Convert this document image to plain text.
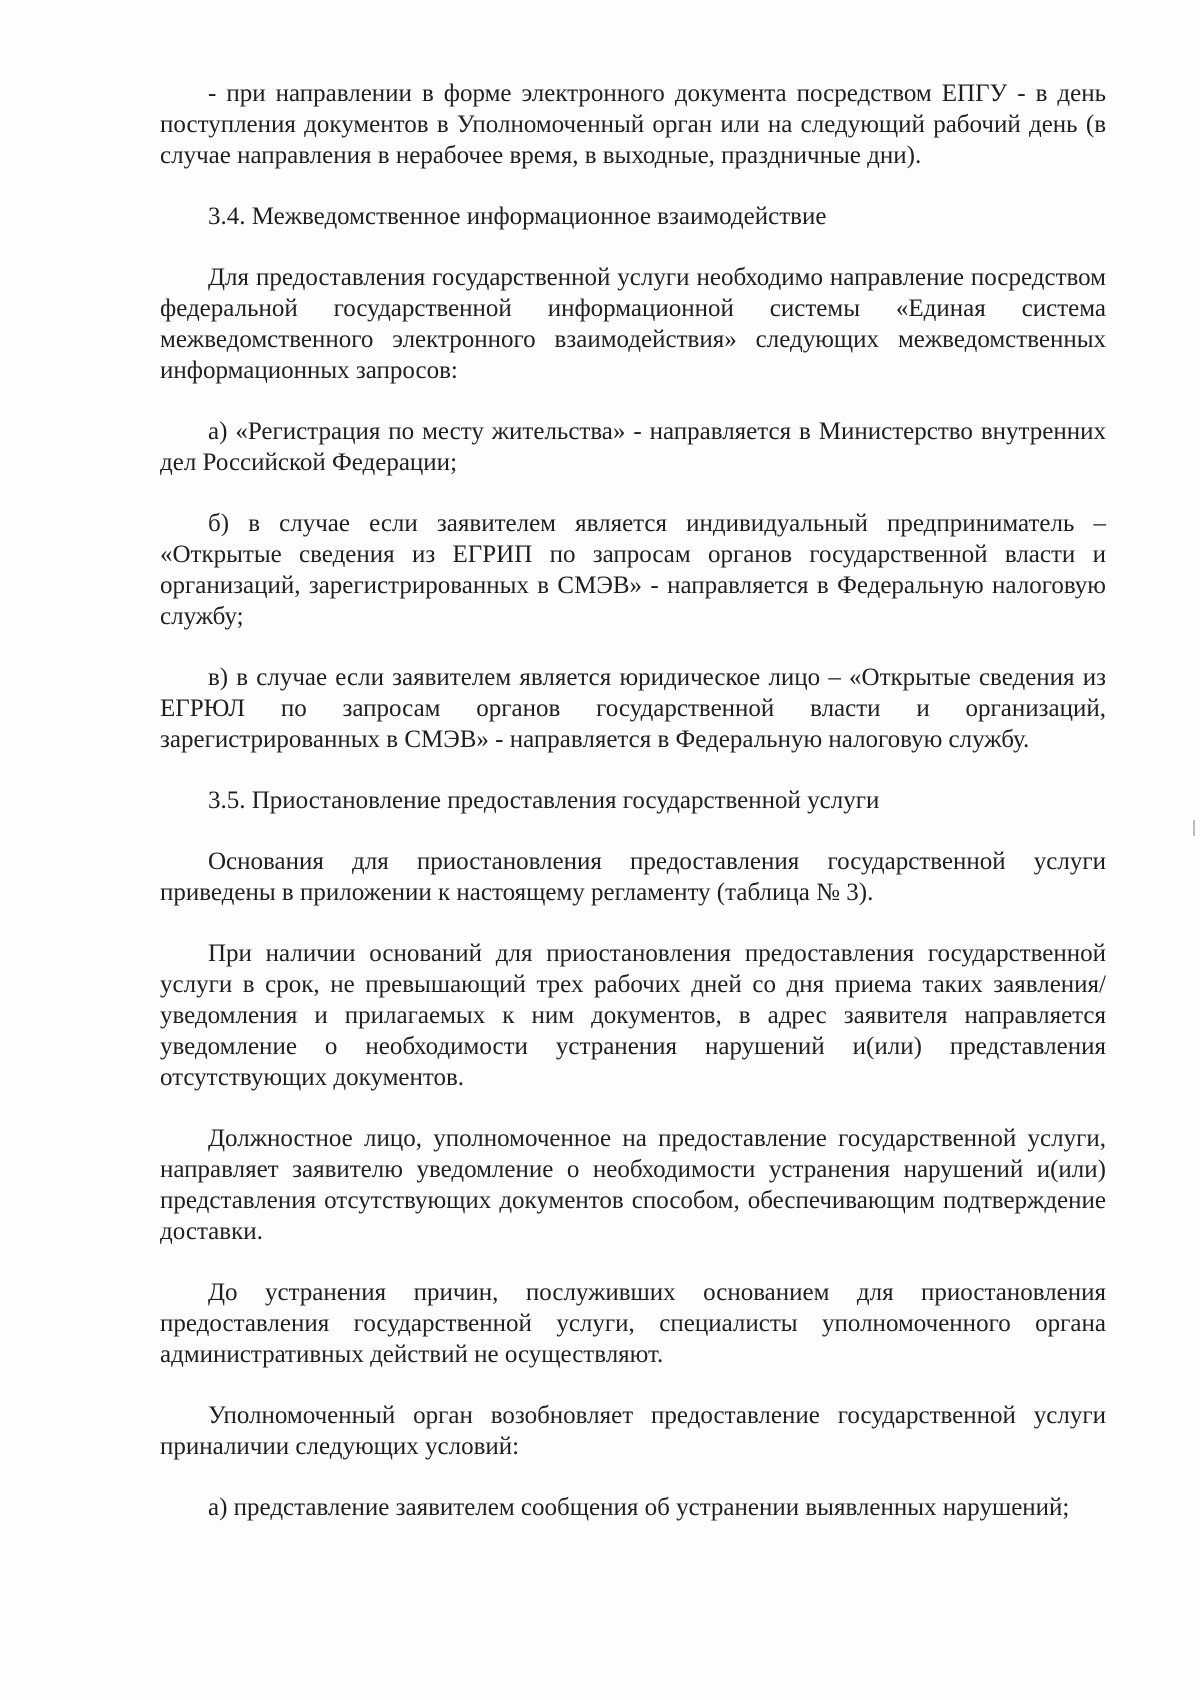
- при направлении в форме электронного документа посредством ЕПГУ - в день поступления документов в Уполномоченный орган или на следующий рабочий день (в случае направления в нерабочее время, в выходные, праздничные дни).

3.4. Межведомственное информационное взаимодействие

Для предоставления государственной услуги необходимо направление посредством федеральной государственной информационной системы «Единая система межведомственного электронного взаимодействия» следующих межведомственных информационных запросов:

а) «Регистрация по месту жительства» - направляется в Министерство внутренних дел Российской Федерации;

б) в случае если заявителем является индивидуальный предприниматель – «Открытые сведения из ЕГРИП по запросам органов государственной власти и организаций, зарегистрированных в СМЭВ» - направляется в Федеральную налоговую службу;

в) в случае если заявителем является юридическое лицо – «Открытые сведения из ЕГРЮЛ по запросам органов государственной власти и организаций, зарегистрированных в СМЭВ» - направляется в Федеральную налоговую службу.

3.5. Приостановление предоставления государственной услуги

Основания для приостановления предоставления государственной услуги приведены в приложении к настоящему регламенту (таблица № 3).

При наличии оснований для приостановления предоставления государственной услуги в срок, не превышающий трех рабочих дней со дня приема таких заявления/уведомления и прилагаемых к ним документов, в адрес заявителя направляется уведомление о необходимости устранения нарушений и(или) представления отсутствующих документов.

Должностное лицо, уполномоченное на предоставление государственной услуги, направляет заявителю уведомление о необходимости устранения нарушений и(или) представления отсутствующих документов способом, обеспечивающим подтверждение доставки.

До устранения причин, послуживших основанием для приостановления предоставления государственной услуги, специалисты уполномоченного органа административных действий не осуществляют.

Уполномоченный орган возобновляет предоставление государственной услуги приналичии следующих условий:

а) представление заявителем сообщения об устранении выявленных нарушений;
